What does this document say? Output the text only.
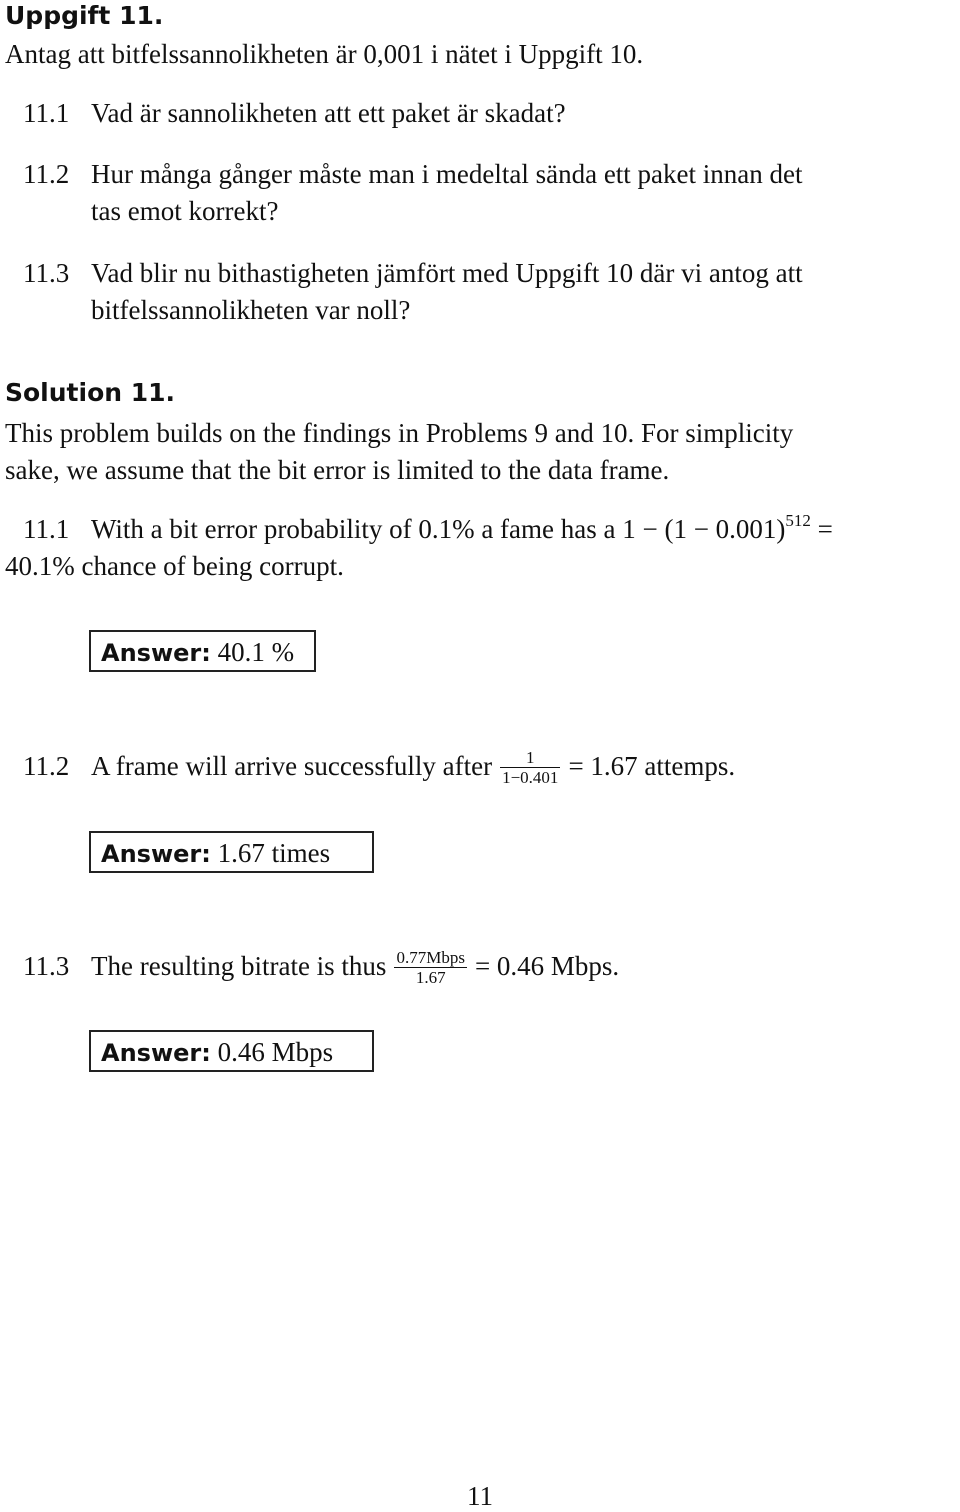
Uppgift 11.
Antag att bitfelssannolikheten är 0,001 i nätet i Uppgift 10.
11.1 Vad är sannolikheten att ett paket är skadat?
11.2 Hur många gånger måste man i medeltal sända ett paket innan det
tas emot korrekt?
11.3 Vad blir nu bithastigheten jämfört med Uppgift 10 där vi antog att
bitfelssannolikheten var noll?
Solution 11.
This problem builds on the findings in Problems 9 and 10. For simplicity
sake, we assume that the bit error is limited to the data frame.
11.1 With a bit error probability of 0.1% a fame has a $1 - (1 - 0.001)^{512}$ =
40.1% chance of being corrupt.
Answer: 40.1 %
11.2 A frame will arrive successfully after $\frac{1}{1-0.401} = 1.67$ attemps.
Answer: 1.67 times
11.3 The resulting bitrate is thus $\frac{\text{0.77Mbps}}{1.67} = 0.46$ Mbps.
Answer: 0.46 Mbps
11
